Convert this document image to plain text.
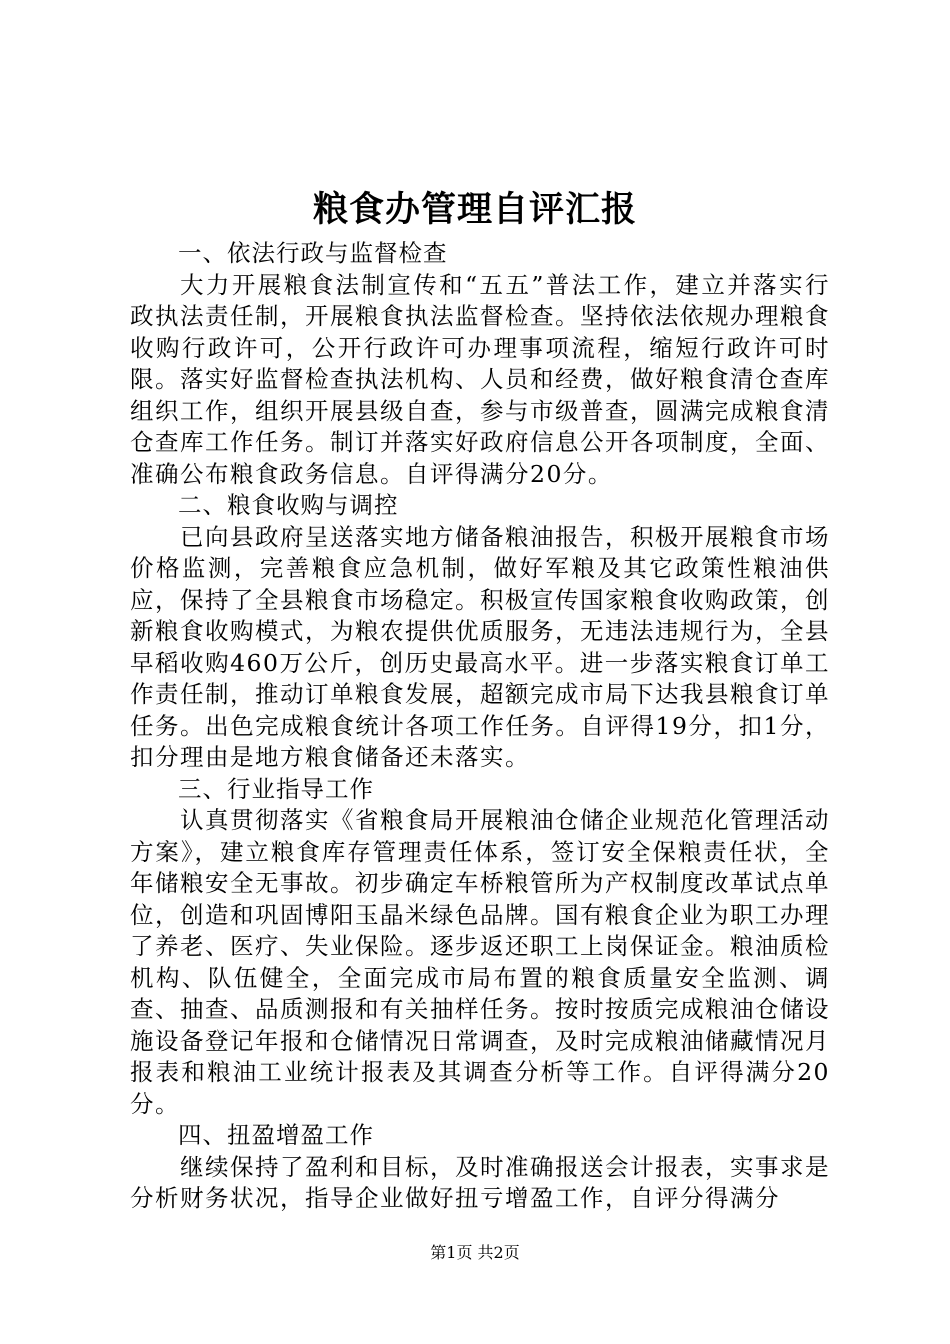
粮食办管理自评汇报

一、依法行政与监督检查

大力开展粮食法制宣传和“五五”普法工作，建立并落实行政执法责任制，开展粮食执法监督检查。坚持依法依规办理粮食收购行政许可，公开行政许可办理事项流程，缩短行政许可时限。落实好监督检查执法机构、人员和经费，做好粮食清仓查库组织工作，组织开展县级自查，参与市级普查，圆满完成粮食清仓查库工作任务。制订并落实好政府信息公开各项制度，全面、准确公布粮食政务信息。自评得满分20分。

二、粮食收购与调控

已向县政府呈送落实地方储备粮油报告，积极开展粮食市场价格监测，完善粮食应急机制，做好军粮及其它政策性粮油供应，保持了全县粮食市场稳定。积极宣传国家粮食收购政策，创新粮食收购模式，为粮农提供优质服务，无违法违规行为，全县早稻收购460万公斤，创历史最高水平。进一步落实粮食订单工作责任制，推动订单粮食发展，超额完成市局下达我县粮食订单任务。出色完成粮食统计各项工作任务。自评得19分，扣1分，扣分理由是地方粮食储备还未落实。

三、行业指导工作

认真贯彻落实《省粮食局开展粮油仓储企业规范化管理活动方案》，建立粮食库存管理责任体系，签订安全保粮责任状，全年储粮安全无事故。初步确定车桥粮管所为产权制度改革试点单位，创造和巩固博阳玉晶米绿色品牌。国有粮食企业为职工办理了养老、医疗、失业保险。逐步返还职工上岗保证金。粮油质检机构、队伍健全，全面完成市局布置的粮食质量安全监测、调查、抽查、品质测报和有关抽样任务。按时按质完成粮油仓储设施设备登记年报和仓储情况日常调查，及时完成粮油储藏情况月报表和粮油工业统计报表及其调查分析等工作。自评得满分20分。

四、扭盈增盈工作

继续保持了盈利和目标，及时准确报送会计报表，实事求是分析财务状况，指导企业做好扭亏增盈工作，自评分得满分

第1页 共2页
